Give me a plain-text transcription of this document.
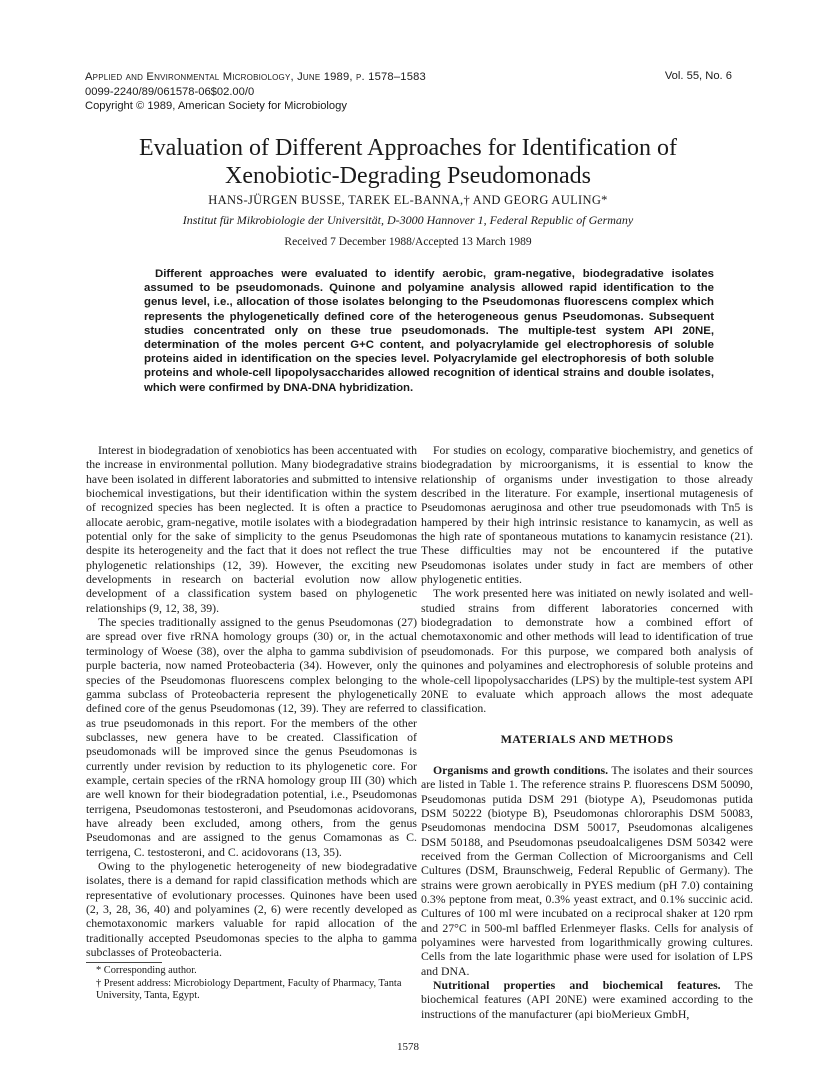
Applied and Environmental Microbiology, June 1989, p. 1578–1583
0099-2240/89/061578-06$02.00/0
Copyright © 1989, American Society for Microbiology
Vol. 55, No. 6
Evaluation of Different Approaches for Identification of
Xenobiotic-Degrading Pseudomonads
HANS-JÜRGEN BUSSE, TAREK EL-BANNA,† AND GEORG AULING*
Institut für Mikrobiologie der Universität, D-3000 Hannover 1, Federal Republic of Germany
Received 7 December 1988/Accepted 13 March 1989
Different approaches were evaluated to identify aerobic, gram-negative, biodegradative isolates assumed to be pseudomonads. Quinone and polyamine analysis allowed rapid identification to the genus level, i.e., allocation of those isolates belonging to the Pseudomonas fluorescens complex which represents the phylogenetically defined core of the heterogeneous genus Pseudomonas. Subsequent studies concentrated only on these true pseudomonads. The multiple-test system API 20NE, determination of the moles percent G+C content, and polyacrylamide gel electrophoresis of soluble proteins aided in identification on the species level. Polyacrylamide gel electrophoresis of both soluble proteins and whole-cell lipopolysaccharides allowed recognition of identical strains and double isolates, which were confirmed by DNA-DNA hybridization.

Interest in biodegradation of xenobiotics has been accentuated with the increase in environmental pollution. Many biodegradative strains have been isolated in different laboratories and submitted to intensive biochemical investigations, but their identification within the system of recognized species has been neglected. It is often a practice to allocate aerobic, gram-negative, motile isolates with a biodegradation potential only for the sake of simplicity to the genus Pseudomonas despite its heterogeneity and the fact that it does not reflect the true phylogenetic relationships (12, 39). However, the exciting new developments in research on bacterial evolution now allow development of a classification system based on phylogenetic relationships (9, 12, 38, 39).

The species traditionally assigned to the genus Pseudomonas (27) are spread over five rRNA homology groups (30) or, in the actual terminology of Woese (38), over the alpha to gamma subdivision of purple bacteria, now named Proteobacteria (34). However, only the species of the Pseudomonas fluorescens complex belonging to the gamma subclass of Proteobacteria represent the phylogenetically defined core of the genus Pseudomonas (12, 39). They are referred to as true pseudomonads in this report. For the members of the other subclasses, new genera have to be created. Classification of pseudomonads will be improved since the genus Pseudomonas is currently under revision by reduction to its phylogenetic core. For example, certain species of the rRNA homology group III (30) which are well known for their biodegradation potential, i.e., Pseudomonas terrigena, Pseudomonas testosteroni, and Pseudomonas acidovorans, have already been excluded, among others, from the genus Pseudomonas and are assigned to the genus Comamonas as C. terrigena, C. testosteroni, and C. acidovorans (13, 35).

Owing to the phylogenetic heterogeneity of new biodegradative isolates, there is a demand for rapid classification methods which are representative of evolutionary processes. Quinones have been used (2, 3, 28, 36, 40) and polyamines (2, 6) were recently developed as chemotaxonomic markers valuable for rapid allocation of the traditionally accepted Pseudomonas species to the alpha to gamma subclasses of Proteobacteria.

For studies on ecology, comparative biochemistry, and genetics of biodegradation by microorganisms, it is essential to know the relationship of organisms under investigation to those already described in the literature. For example, insertional mutagenesis of Pseudomonas aeruginosa and other true pseudomonads with Tn5 is hampered by their high intrinsic resistance to kanamycin, as well as the high rate of spontaneous mutations to kanamycin resistance (21). These difficulties may not be encountered if the putative Pseudomonas isolates under study in fact are members of other phylogenetic entities.

The work presented here was initiated on newly isolated and well-studied strains from different laboratories concerned with biodegradation to demonstrate how a combined effort of chemotaxonomic and other methods will lead to identification of true pseudomonads. For this purpose, we compared both analysis of quinones and polyamines and electrophoresis of soluble proteins and whole-cell lipopolysaccharides (LPS) by the multiple-test system API 20NE to evaluate which approach allows the most adequate classification.

MATERIALS AND METHODS

Organisms and growth conditions. The isolates and their sources are listed in Table 1. The reference strains P. fluorescens DSM 50090, Pseudomonas putida DSM 291 (biotype A), Pseudomonas putida DSM 50222 (biotype B), Pseudomonas chlororaphis DSM 50083, Pseudomonas mendocina DSM 50017, Pseudomonas alcaligenes DSM 50188, and Pseudomonas pseudoalcaligenes DSM 50342 were received from the German Collection of Microorganisms and Cell Cultures (DSM, Braunschweig, Federal Republic of Germany). The strains were grown aerobically in PYES medium (pH 7.0) containing 0.3% peptone from meat, 0.3% yeast extract, and 0.1% succinic acid. Cultures of 100 ml were incubated on a reciprocal shaker at 120 rpm and 27°C in 500-ml baffled Erlenmeyer flasks. Cells for analysis of polyamines were harvested from logarithmically growing cultures. Cells from the late logarithmic phase were used for isolation of LPS and DNA.

Nutritional properties and biochemical features. The biochemical features (API 20NE) were examined according to the instructions of the manufacturer (api bioMerieux GmbH,

* Corresponding author.
† Present address: Microbiology Department, Faculty of Pharmacy, Tanta University, Tanta, Egypt.
1578
